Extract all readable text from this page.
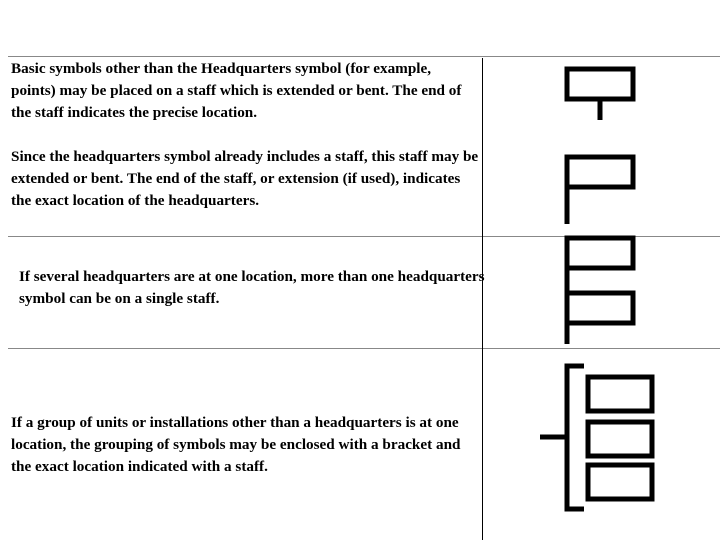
Basic symbols other than the Headquarters symbol (for example, points) may be placed on a staff which is extended or bent. The end of the staff indicates the precise location.

Since the headquarters symbol already includes a staff, this staff may be extended or bent. The end of the staff, or extension (if used), indicates the exact location of the headquarters.

If several headquarters are at one location, more than one headquarters symbol can be on a single staff.

If a group of units or installations other than a headquarters is at one location, the grouping of symbols may be enclosed with a bracket and the exact location indicated with a staff.
